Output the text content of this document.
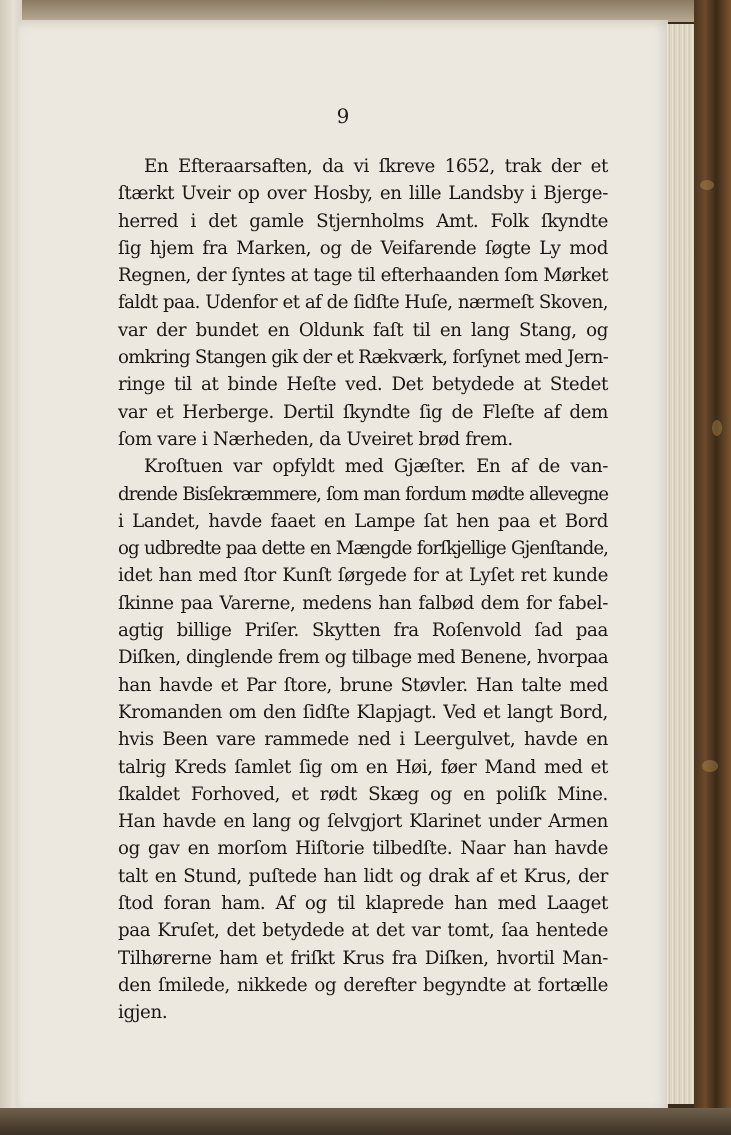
9
En Efteraarsaften, da vi ſkreve 1652, trak der et
ſtærkt Uveir op over Hosby, en lille Landsby i Bjerge-
herred i det gamle Stjernholms Amt. Folk ſkyndte
ſig hjem fra Marken, og de Veifarende ſøgte Ly mod
Regnen, der ſyntes at tage til efterhaanden ſom Mørket
faldt paa. Udenfor et af de ſidſte Huſe, nærmeſt Skoven,
var der bundet en Oldunk faſt til en lang Stang, og
omkring Stangen gik der et Rækværk, forſynet med Jern-
ringe til at binde Heſte ved. Det betydede at Stedet
var et Herberge. Dertil ſkyndte ſig de Fleſte af dem
ſom vare i Nærheden, da Uveiret brød frem.
Kroſtuen var opfyldt med Gjæſter. En af de van-
drende Bisſekræmmere, ſom man fordum mødte allevegne
i Landet, havde faaet en Lampe ſat hen paa et Bord
og udbredte paa dette en Mængde forſkjellige Gjenſtande,
idet han med ſtor Kunſt ſørgede for at Lyſet ret kunde
ſkinne paa Varerne, medens han falbød dem for fabel-
agtig billige Priſer. Skytten fra Roſenvold ſad paa
Diſken, dinglende frem og tilbage med Benene, hvorpaa
han havde et Par ſtore, brune Støvler. Han talte med
Kromanden om den ſidſte Klapjagt. Ved et langt Bord,
hvis Been vare rammede ned i Leergulvet, havde en
talrig Kreds ſamlet ſig om en Høi, føer Mand med et
ſkaldet Forhoved, et rødt Skæg og en poliſk Mine.
Han havde en lang og ſelvgjort Klarinet under Armen
og gav en morſom Hiſtorie tilbedſte. Naar han havde
talt en Stund, puſtede han lidt og drak af et Krus, der
ſtod foran ham. Af og til klaprede han med Laaget
paa Kruſet, det betydede at det var tomt, ſaa hentede
Tilhørerne ham et friſkt Krus fra Diſken, hvortil Man-
den ſmilede, nikkede og derefter begyndte at fortælle
igjen.
